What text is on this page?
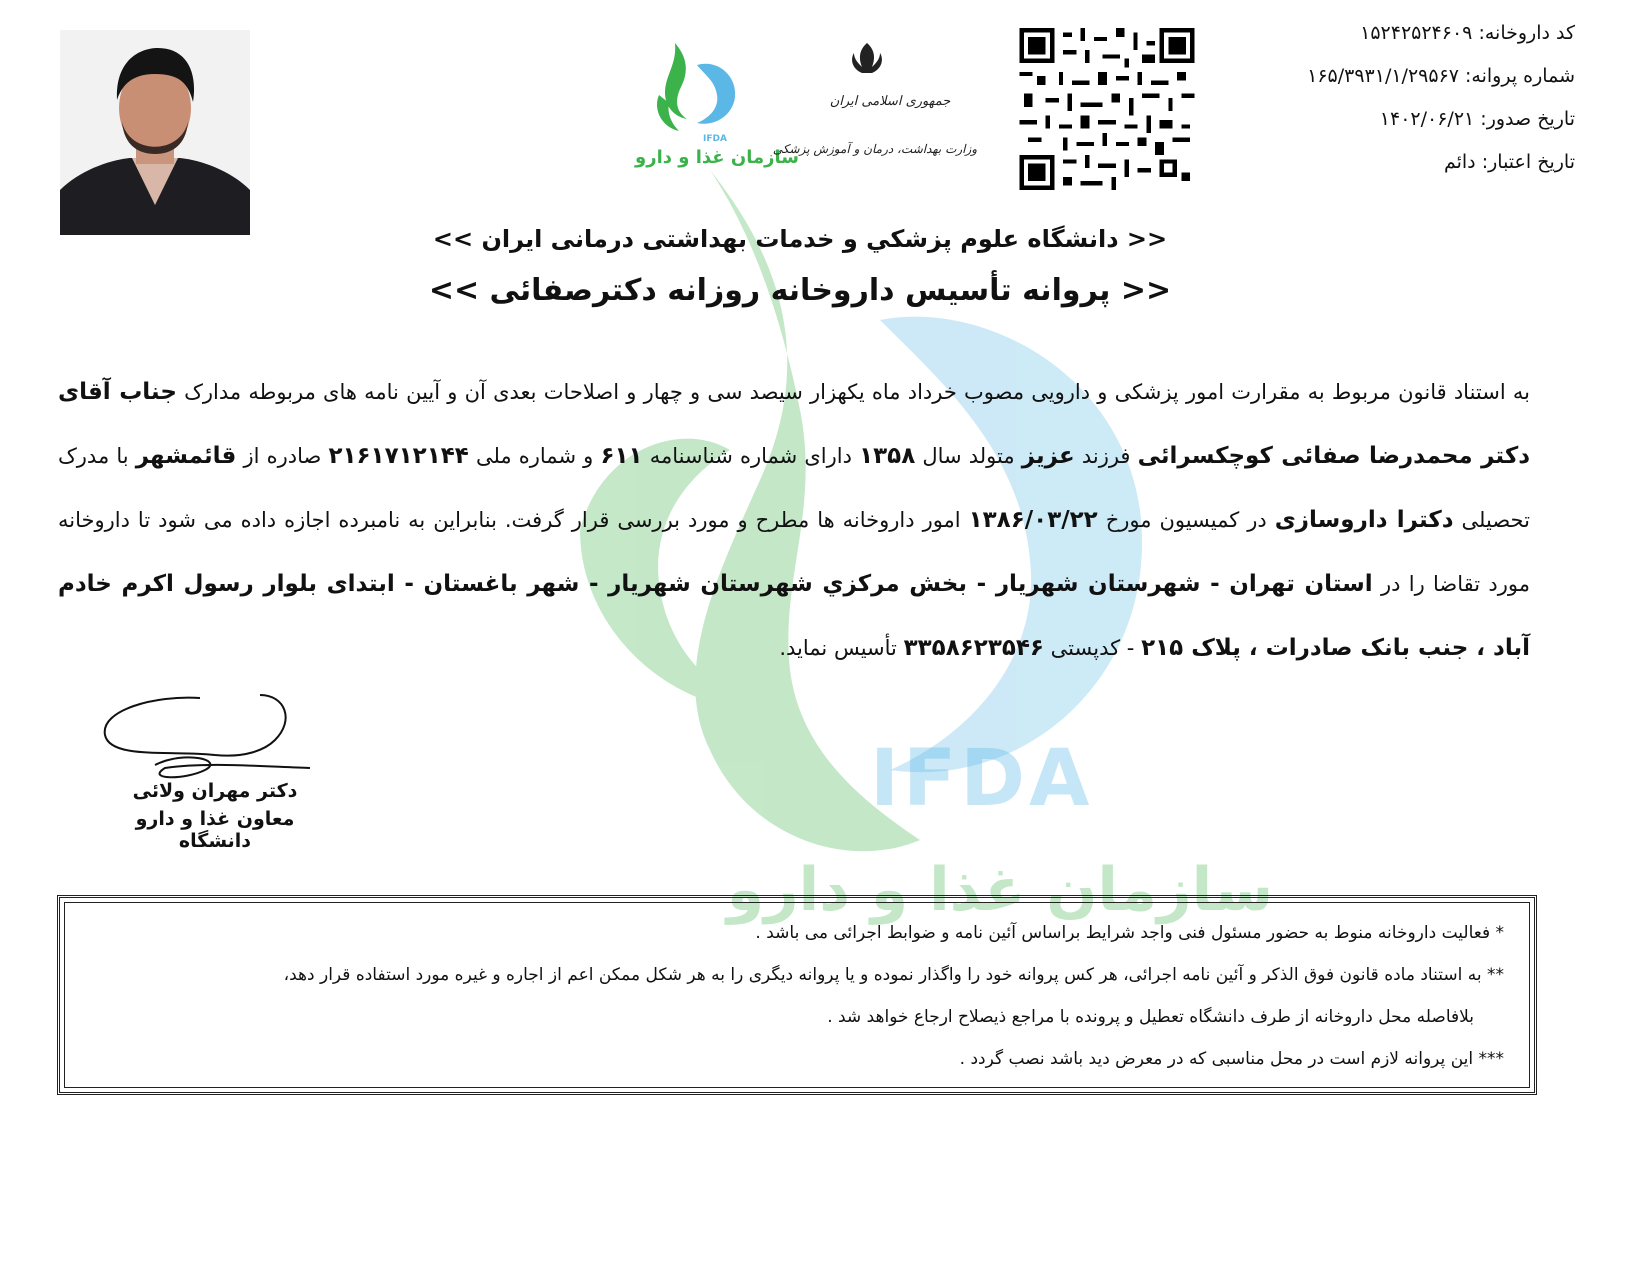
IFDA
سازمان غذا و دارو
IFDA
سازمان غذا و دارو
جمهوری اسلامی ایران
وزارت بهداشت، درمان و آموزش پزشکی
کد داروخانه: ۱۵۲۴۲۵۲۴۶۰۹
شماره پروانه: ۱۶۵/۳۹۳۱/۱/۲۹۵۶۷
تاریخ صدور: ۱۴۰۲/۰۶/۲۱
تاریخ اعتبار: دائم
<< دانشگاه علوم پزشکي و خدمات بهداشتی درمانی ایران >>
<< پروانه تأسیس داروخانه روزانه دکترصفائی >>
به استناد قانون مربوط به مقرارت امور پزشکی و دارویی مصوب خرداد ماه یکهزار سیصد سی و چهار و اصلاحات بعدی آن و آیین نامه های مربوطه مدارک جناب آقای دکتر محمدرضا صفائی کوچکسرائی فرزند عزیز متولد سال ۱۳۵۸ دارای شماره شناسنامه ۶۱۱ و شماره ملی ۲۱۶۱۷۱۲۱۴۴ صادره از قائمشهر با مدرک تحصیلی دکترا داروسازی در کمیسیون مورخ ۱۳۸۶/۰۳/۲۲ امور داروخانه ها مطرح و مورد بررسی قرار گرفت. بنابراین به نامبرده اجازه داده می شود تا داروخانه مورد تقاضا را در استان تهران - شهرستان شهریار - بخش مرکزي شهرستان شهريار - شهر باغستان - ابتدای بلوار رسول اکرم خادم آباد ، جنب بانک صادرات ، پلاک ۲۱۵ - کدپستی ۳۳۵۸۶۲۳۵۴۶ تأسیس نماید.
دکتر مهران ولائی
معاون غذا و دارو دانشگاه
* فعالیت داروخانه منوط به حضور مسئول فنی واجد شرایط براساس آئین نامه و ضوابط اجرائی می باشد .
** به استناد ماده قانون فوق الذکر و آئین نامه اجرائی، هر کس پروانه خود را واگذار نموده و یا پروانه دیگری را به هر شکل ممکن اعم از اجاره و غیره مورد استفاده قرار دهد،
بلافاصله محل داروخانه از طرف دانشگاه تعطیل و پرونده با مراجع ذیصلاح ارجاع خواهد شد .
*** این پروانه لازم است در محل مناسبی که در معرض دید باشد نصب گردد .
